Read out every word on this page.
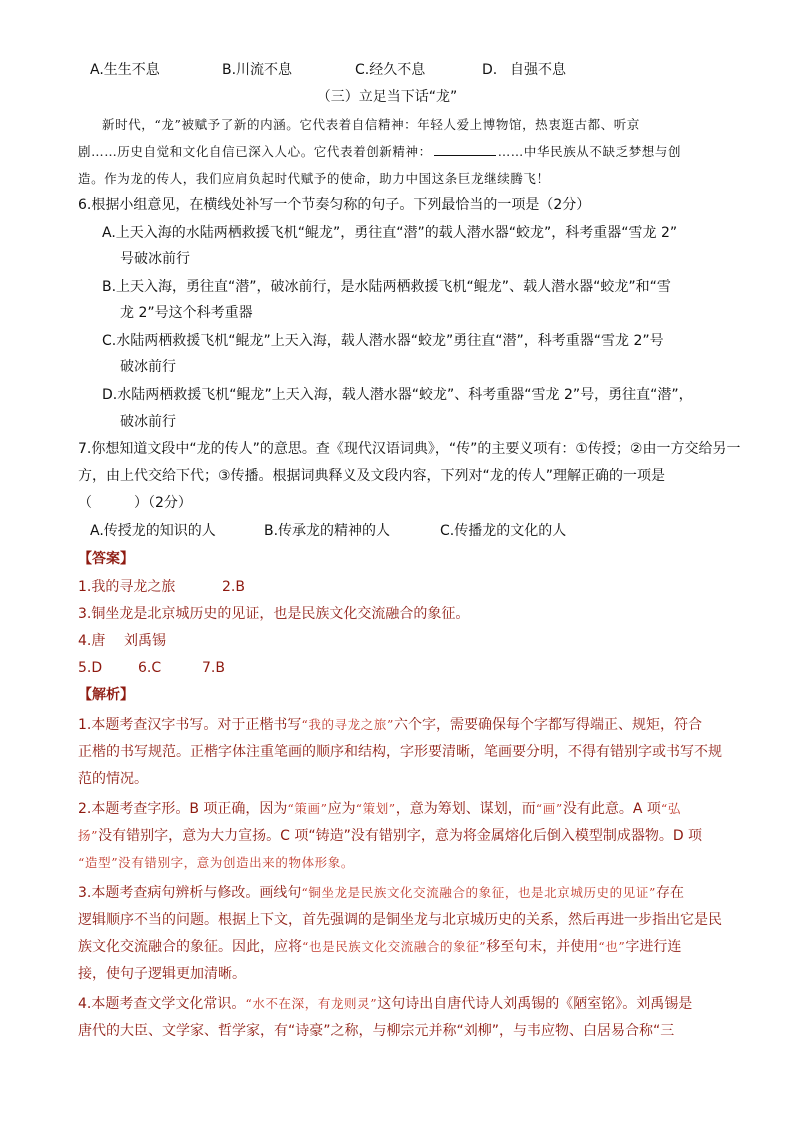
A.生生不息	B.川流不息	C.经久不息	D. 自强不息
（三）立足当下话“龙”
新时代，“龙”被赋予了新的内涵。它代表着自信精神：年轻人爱上博物馆，热衷逛古都、听京
剧……历史自觉和文化自信已深入人心。它代表着创新精神：	……中华民族从不缺乏梦想与创
造。作为龙的传人，我们应肩负起时代赋予的使命，助力中国这条巨龙继续腾飞！
6.根据小组意见，在横线处补写一个节奏匀称的句子。下列最恰当的一项是（2分）
A.上天入海的水陆两栖救援飞机“鲲龙”，勇往直“潜”的载人潜水器“蛟龙”，科考重器“雪龙 2”
号破冰前行
B.上天入海，勇往直“潜”，破冰前行，是水陆两栖救援飞机“鲲龙”、载人潜水器“蛟龙”和“雪
龙 2”号这个科考重器
C.水陆两栖救援飞机“鲲龙”上天入海，载人潜水器“蛟龙”勇往直“潜”，科考重器“雪龙 2”号
破冰前行
D.水陆两栖救援飞机“鲲龙”上天入海，载人潜水器“蛟龙”、科考重器“雪龙 2”号，勇往直“潜”，
破冰前行
7.你想知道文段中“龙的传人”的意思。查《现代汉语词典》，“传”的主要义项有：①传授；②由一方交给另一
方，由上代交给下代；③传播。根据词典释义及文段内容，下列对“龙的传人”理解正确的一项是
（　　　）（2分）
A.传授龙的知识的人	B.传承龙的精神的人	C.传播龙的文化的人
【答案】
1.我的寻龙之旅	2.B
3.铜坐龙是北京城历史的见证，也是民族文化交流融合的象征。
4.唐 刘禹锡
5.D	6.C	7.B
【解析】
1.本题考查汉字书写。对于正楷书写“我的寻龙之旅”六个字，需要确保每个字都写得端正、规矩，符合
正楷的书写规范。正楷字体注重笔画的顺序和结构，字形要清晰，笔画要分明，不得有错别字或书写不规
范的情况。
2.本题考查字形。B 项正确，因为“策画”应为“策划”，意为筹划、谋划，而“画”没有此意。A 项“弘
扬”没有错别字，意为大力宣扬。C 项“铸造”没有错别字，意为将金属熔化后倒入模型制成器物。D 项
“造型”没有错别字，意为创造出来的物体形象。
3.本题考查病句辨析与修改。画线句“铜坐龙是民族文化交流融合的象征，也是北京城历史的见证”存在
逻辑顺序不当的问题。根据上下文，首先强调的是铜坐龙与北京城历史的关系，然后再进一步指出它是民
族文化交流融合的象征。因此，应将“也是民族文化交流融合的象征”移至句末，并使用“也”字进行连
接，使句子逻辑更加清晰。
4.本题考查文学文化常识。“水不在深，有龙则灵”这句诗出自唐代诗人刘禹锡的《陋室铭》。刘禹锡是
唐代的大臣、文学家、哲学家，有“诗豪”之称，与柳宗元并称“刘柳”，与韦应物、白居易合称“三
